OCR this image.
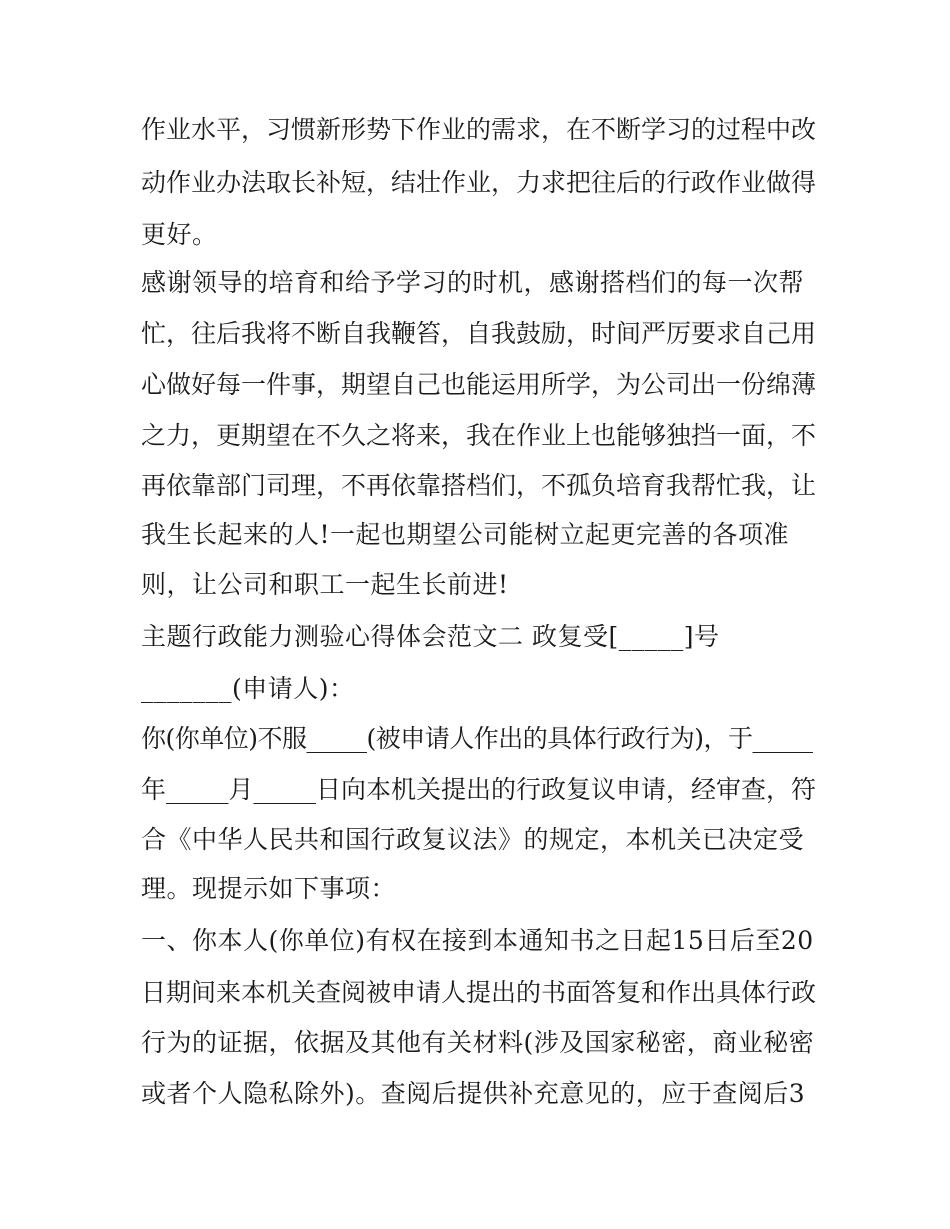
作业水平，习惯新形势下作业的需求，在不断学习的过程中改

动作业办法取长补短，结壮作业，力求把往后的行政作业做得

更好。

感谢领导的培育和给予学习的时机，感谢搭档们的每一次帮

忙，往后我将不断自我鞭笞，自我鼓励，时间严厉要求自己用

心做好每一件事，期望自己也能运用所学，为公司出一份绵薄

之力，更期望在不久之将来，我在作业上也能够独挡一面，不

再依靠部门司理，不再依靠搭档们，不孤负培育我帮忙我，让

我生长起来的人!一起也期望公司能树立起更完善的各项准

则，让公司和职工一起生长前进!

主题行政能力测验心得体会范文二 政复受[_____]号

_______(申请人)：

你(你单位)不服_____(被申请人作出的具体行政行为)，于_____

年_____月_____日向本机关提出的行政复议申请，经审查，符

合《中华人民共和国行政复议法》的规定，本机关已决定受

理。现提示如下事项：

一、你本人(你单位)有权在接到本通知书之日起15日后至20

日期间来本机关查阅被申请人提出的书面答复和作出具体行政

行为的证据，依据及其他有关材料(涉及国家秘密，商业秘密

或者个人隐私除外)。查阅后提供补充意见的，应于查阅后3
